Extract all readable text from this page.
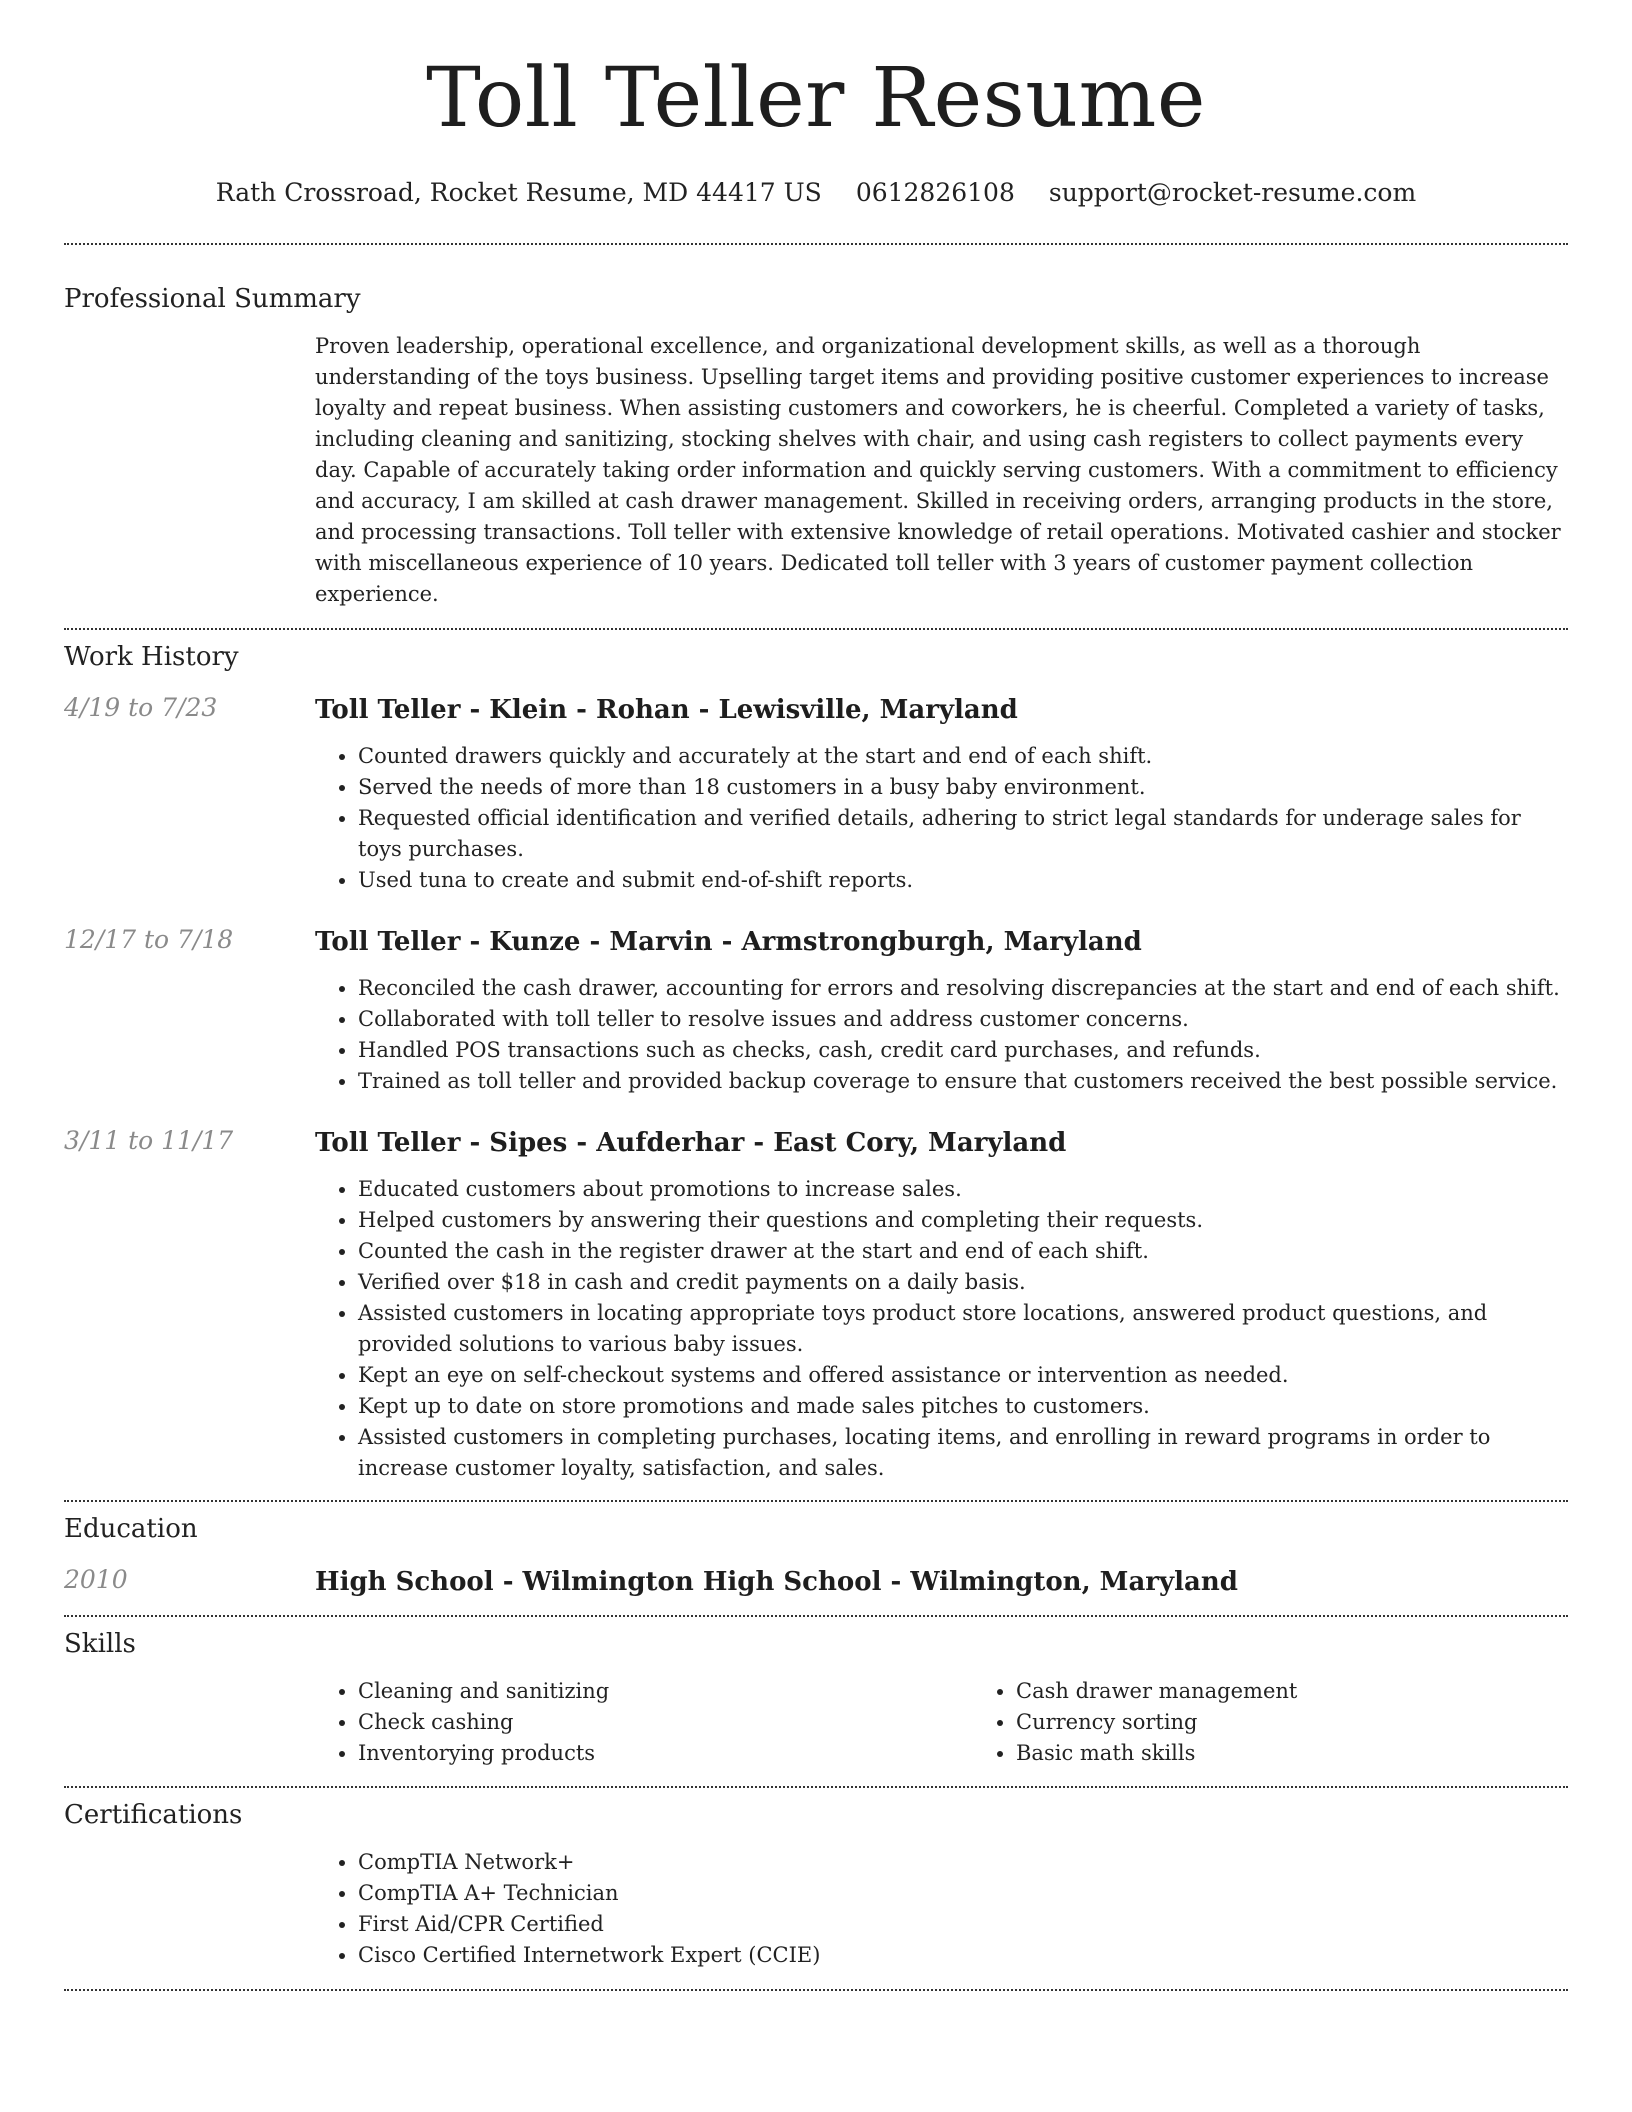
Toll Teller Resume
Rath Crossroad, Rocket Resume, MD 44417 US 0612826108 support@rocket-resume.com
Professional Summary

Proven leadership, operational excellence, and organizational development skills, as well as a thorough understanding of the toys business. Upselling target items and providing positive customer experiences to increase loyalty and repeat business. When assisting customers and coworkers, he is cheerful. Completed a variety of tasks, including cleaning and sanitizing, stocking shelves with chair, and using cash registers to collect payments every day. Capable of accurately taking order information and quickly serving customers. With a commitment to efficiency and accuracy, I am skilled at cash drawer management. Skilled in receiving orders, arranging products in the store, and processing transactions. Toll teller with extensive knowledge of retail operations. Motivated cashier and stocker with miscellaneous experience of 10 years. Dedicated toll teller with 3 years of customer payment collection experience.

Work History
4/19 to 7/23	Toll Teller - Klein - Rohan - Lewisville, Maryland
• Counted drawers quickly and accurately at the start and end of each shift.
• Served the needs of more than 18 customers in a busy baby environment.
• Requested official identification and verified details, adhering to strict legal standards for underage sales for toys purchases.
• Used tuna to create and submit end-of-shift reports.
12/17 to 7/18	Toll Teller - Kunze - Marvin - Armstrongburgh, Maryland
• Reconciled the cash drawer, accounting for errors and resolving discrepancies at the start and end of each shift.
• Collaborated with toll teller to resolve issues and address customer concerns.
• Handled POS transactions such as checks, cash, credit card purchases, and refunds.
• Trained as toll teller and provided backup coverage to ensure that customers received the best possible service.
3/11 to 11/17	Toll Teller - Sipes - Aufderhar - East Cory, Maryland
• Educated customers about promotions to increase sales.
• Helped customers by answering their questions and completing their requests.
• Counted the cash in the register drawer at the start and end of each shift.
• Verified over $18 in cash and credit payments on a daily basis.
• Assisted customers in locating appropriate toys product store locations, answered product questions, and provided solutions to various baby issues.
• Kept an eye on self-checkout systems and offered assistance or intervention as needed.
• Kept up to date on store promotions and made sales pitches to customers.
• Assisted customers in completing purchases, locating items, and enrolling in reward programs in order to increase customer loyalty, satisfaction, and sales.
Education
2010	High School - Wilmington High School - Wilmington, Maryland
Skills
• Cleaning and sanitizing
• Check cashing
• Inventorying products
• Cash drawer management
• Currency sorting
• Basic math skills
Certifications
• CompTIA Network+
• CompTIA A+ Technician
• First Aid/CPR Certified
• Cisco Certified Internetwork Expert (CCIE)
